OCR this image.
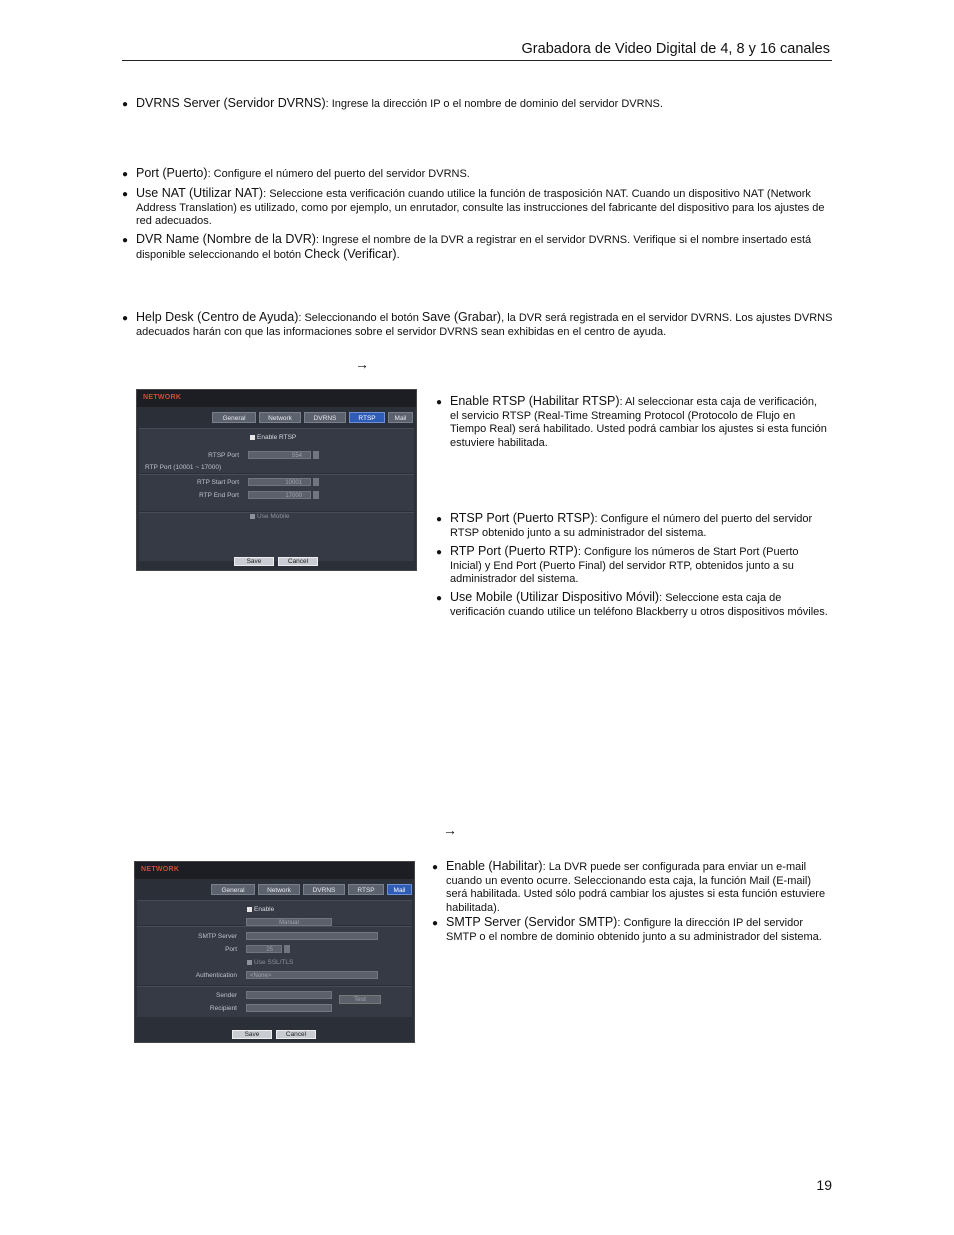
Grabadora de Video Digital de 4, 8 y 16 canales
● DVRNS Server (Servidor DVRNS): Ingrese la dirección IP o el nombre de dominio del servidor DVRNS.
● Port (Puerto): Configure el número del puerto del servidor DVRNS.
● Use NAT (Utilizar NAT): Seleccione esta verificación cuando utilice la función de trasposición NAT. Cuando un dispositivo NAT (Network Address Translation) es utilizado, como por ejemplo, un enrutador, consulte las instrucciones del fabricante del dispositivo para los ajustes de red adecuados.
● DVR Name (Nombre de la DVR): Ingrese el nombre de la DVR a registrar en el servidor DVRNS. Verifique si el nombre insertado está disponible seleccionando el botón Check (Verificar).
● Help Desk (Centro de Ayuda): Seleccionando el botón Save (Grabar), la DVR será registrada en el servidor DVRNS. Los ajustes DVRNS adecuados harán con que las informaciones sobre el servidor DVRNS sean exhibidas en el centro de ayuda.
→
NETWORK
General	Network	DVRNS	RTSP	Mail
Enable RTSP
RTSP Port	554
RTP Port (10001 ~ 17000)
RTP Start Port	10001
RTP End Port	17000
Use Mobile
Save	Cancel
● Enable RTSP (Habilitar RTSP): Al seleccionar esta caja de verificación, el servicio RTSP (Real-Time Streaming Protocol (Protocolo de Flujo en Tiempo Real) será habilitado. Usted podrá cambiar los ajustes si esta función estuviere habilitada.
● RTSP Port (Puerto RTSP): Configure el número del puerto del servidor RTSP obtenido junto a su administrador del sistema.
● RTP Port (Puerto RTP): Configure los números de Start Port (Puerto Inicial) y End Port (Puerto Final) del servidor RTP, obtenidos junto a su administrador del sistema.
● Use Mobile (Utilizar Dispositivo Móvil): Seleccione esta caja de verificación cuando utilice un teléfono Blackberry u otros dispositivos móviles.
→
NETWORK
General	Network	DVRNS	RTSP	Mail
Enable
Manual
SMTP Server
Port	25
Use SSL/TLS
Authentication	<None>
Sender
Test
Recipient
Save	Cancel
● Enable (Habilitar): La DVR puede ser configurada para enviar un e-mail cuando un evento ocurre. Seleccionando esta caja, la función Mail (E-mail) será habilitada. Usted sólo podrá cambiar los ajustes si esta función estuviere habilitada).
● SMTP Server (Servidor SMTP): Configure la dirección IP del servidor SMTP o el nombre de dominio obtenido junto a su administrador del sistema.
19
